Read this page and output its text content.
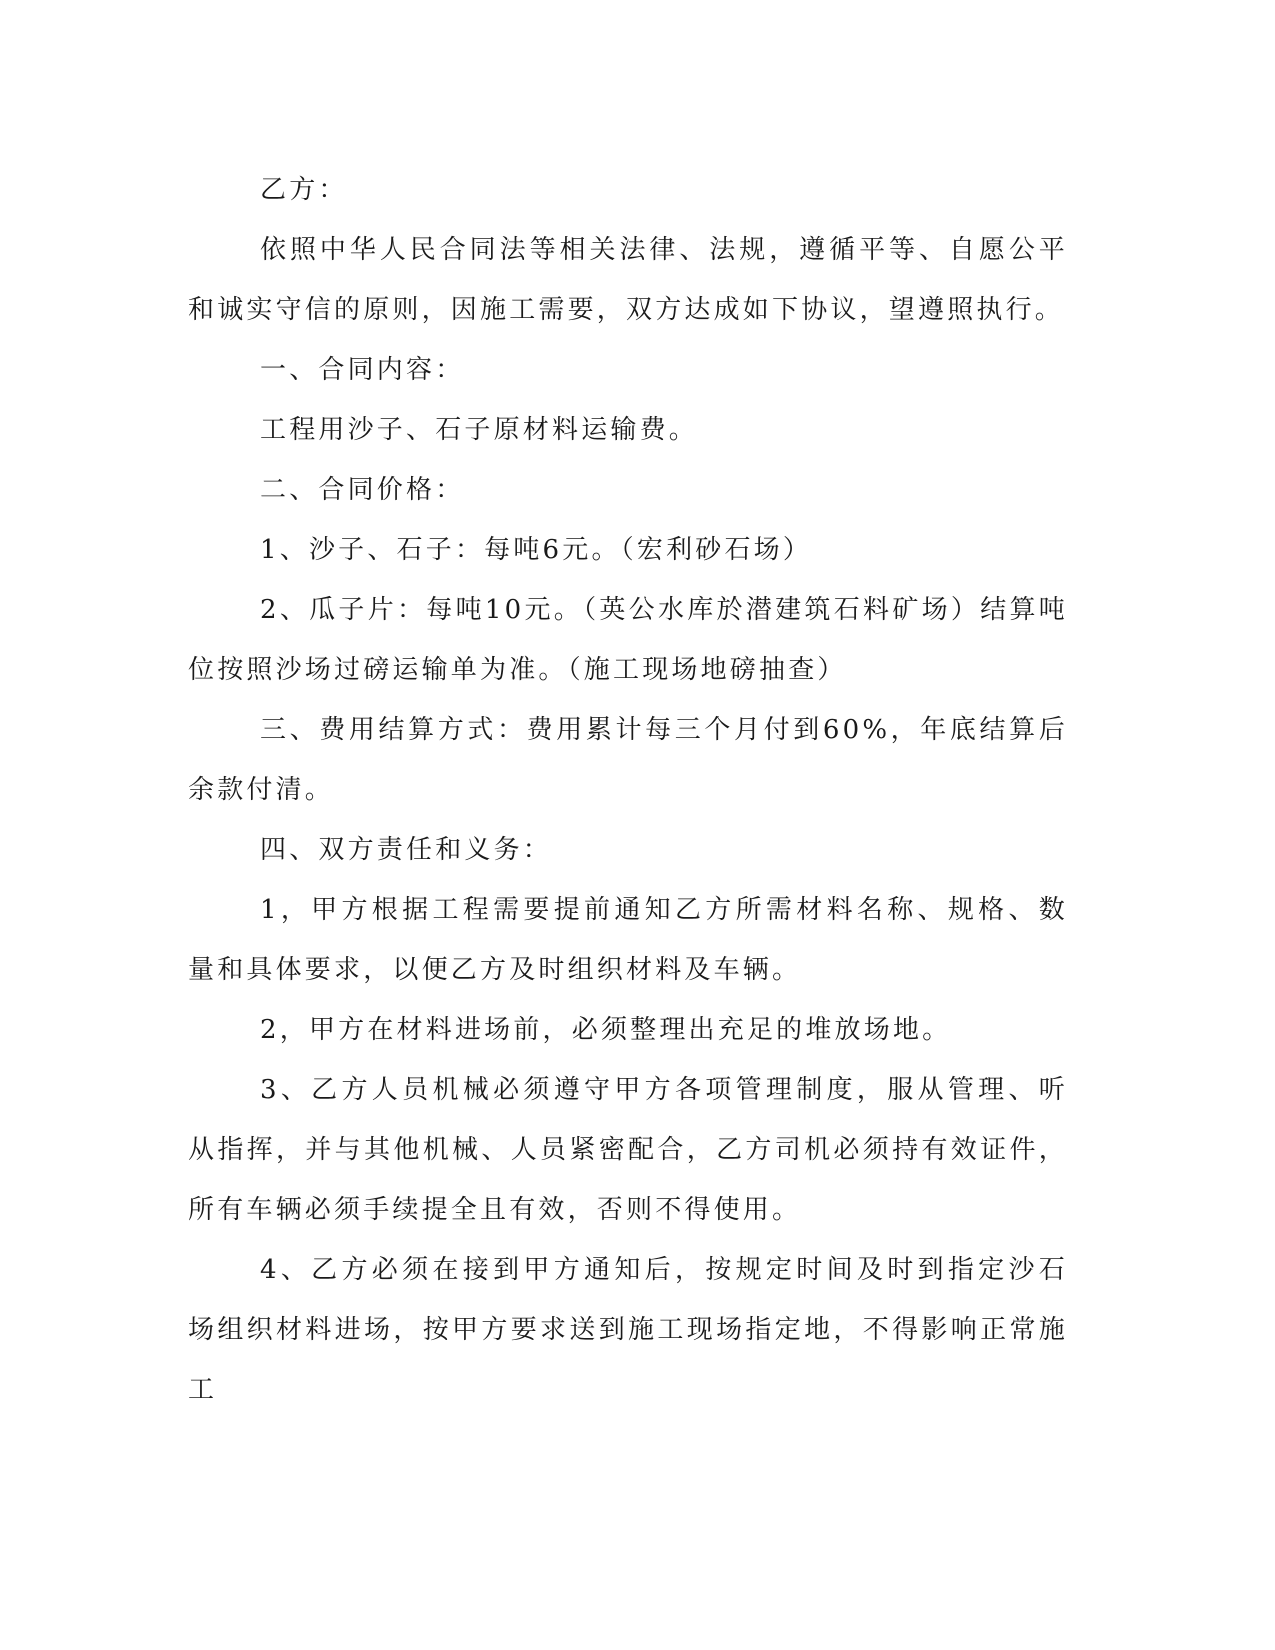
乙方：

依照中华人民合同法等相关法律、法规，遵循平等、自愿公平和诚实守信的原则，因施工需要，双方达成如下协议，望遵照执行。

一、合同内容：

工程用沙子、石子原材料运输费。

二、合同价格：

1、沙子、石子：每吨6元。（宏利砂石场）

2、瓜子片：每吨10元。（英公水库於潜建筑石料矿场）结算吨位按照沙场过磅运输单为准。（施工现场地磅抽查）

三、费用结算方式：费用累计每三个月付到60%，年底结算后余款付清。

四、双方责任和义务：

1，甲方根据工程需要提前通知乙方所需材料名称、规格、数量和具体要求，以便乙方及时组织材料及车辆。

2，甲方在材料进场前，必须整理出充足的堆放场地。

3、乙方人员机械必须遵守甲方各项管理制度，服从管理、听从指挥，并与其他机械、人员紧密配合，乙方司机必须持有效证件，所有车辆必须手续提全且有效，否则不得使用。

4、乙方必须在接到甲方通知后，按规定时间及时到指定沙石场组织材料进场，按甲方要求送到施工现场指定地，不得影响正常施工
